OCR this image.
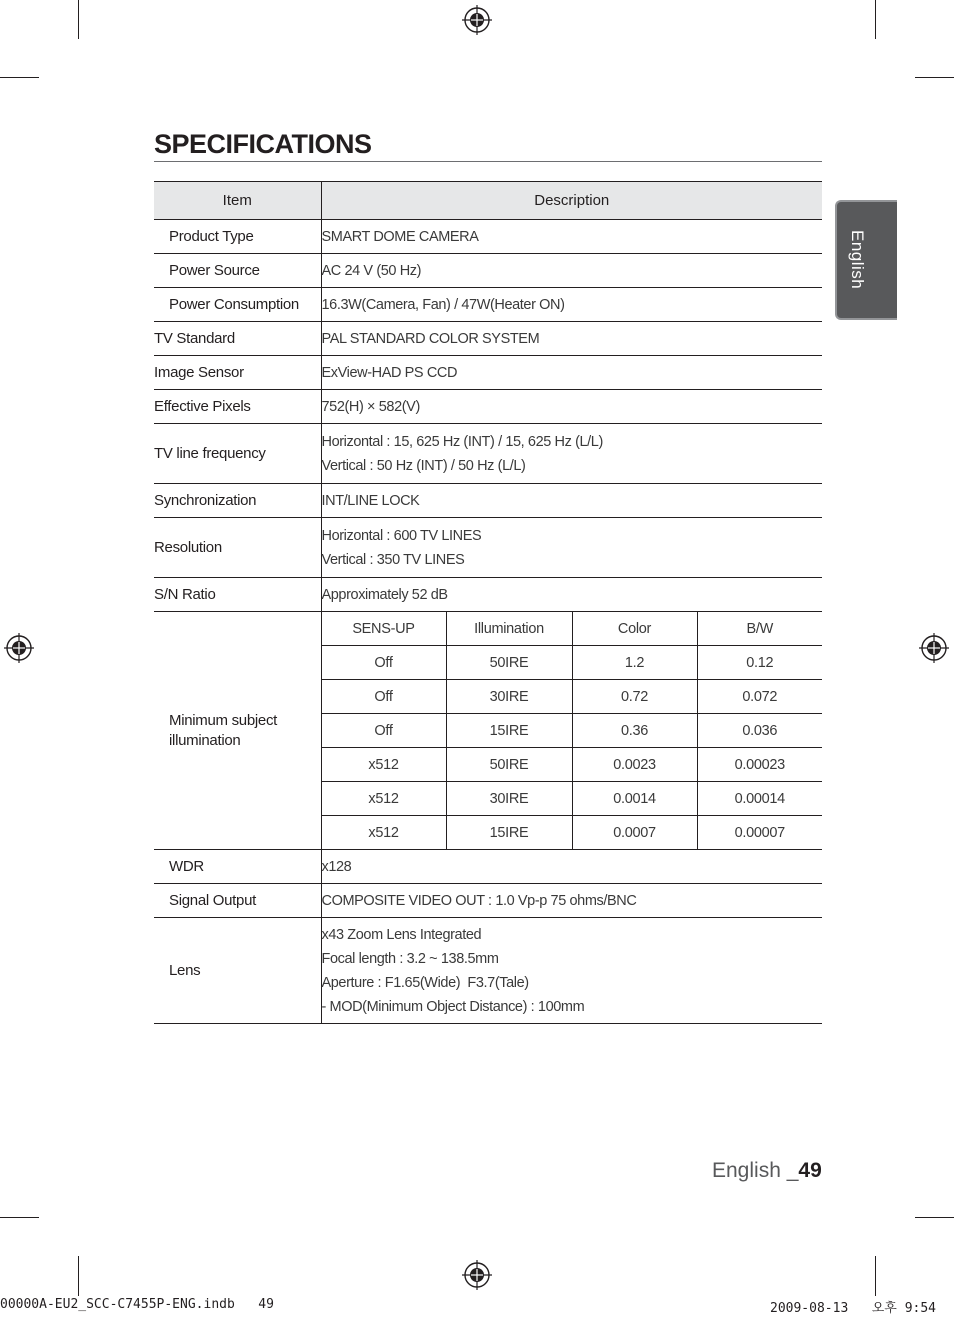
SPECIFICATIONS
English
Item	Description			
Product Type	SMART DOME CAMERA			

Power Source	AC 24 V (50 Hz)			

Power Consumption	16.3W(Camera, Fan) / 47W(Heater ON)			

TV Standard	PAL STANDARD COLOR SYSTEM			

Image Sensor	ExView-HAD PS CCD			

Effective Pixels	752(H) × 582(V)			

TV line frequency	Horizontal : 15, 625 Hz (INT) / 15, 625 Hz (L/L)
Vertical : 50 Hz (INT) / 50 Hz (L/L)			

Synchronization	INT/LINE LOCK			

Resolution	Horizontal : 600 TV LINES
Vertical : 350 TV LINES			

S/N Ratio	Approximately 52 dB			

Minimum subject
illumination	SENS-UP	Illumination	Color	B/W
	Off	50IRE	1.2	0.12
	Off	30IRE	0.72	0.072
	Off	15IRE	0.36	0.036
	x512	50IRE	0.0023	0.00023
	x512	30IRE	0.0014	0.00014
	x512	15IRE	0.0007	0.00007
WDR	x128			

Signal Output	COMPOSITE VIDEO OUT : 1.0 Vp-p 75 ohms/BNC			

Lens	x43 Zoom Lens Integrated
Focal length : 3.2 ~ 138.5mm
Aperture : F1.65(Wide)  F3.7(Tale)
- MOD(Minimum Object Distance) : 100mm			
English _49
00000A-EU2_SCC-C7455P-ENG.indb   49	2009-08-13   오후 9:54
